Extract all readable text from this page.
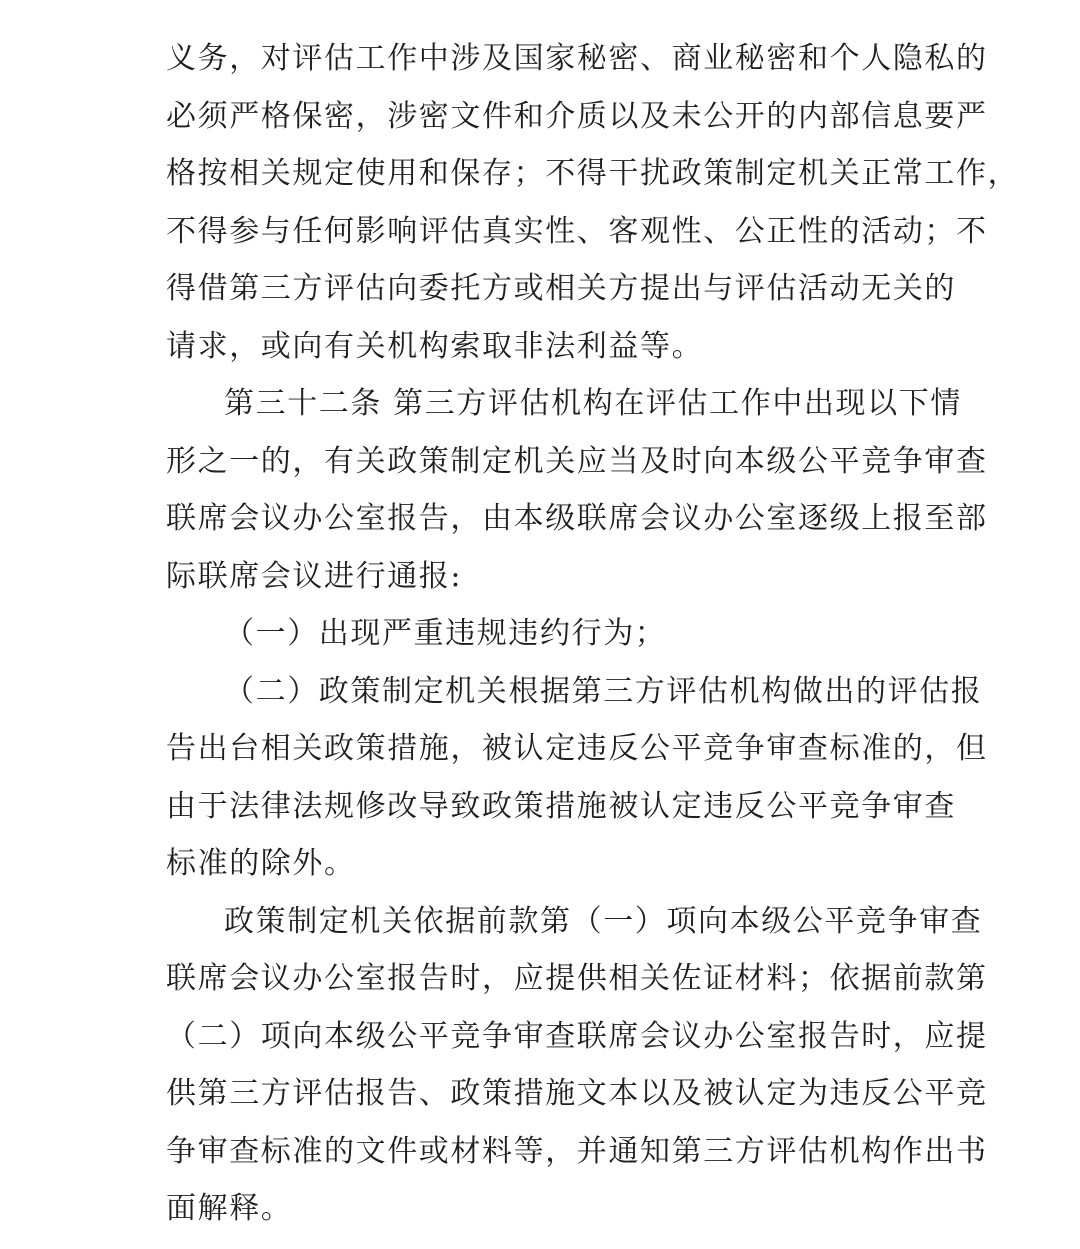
义务，对评估工作中涉及国家秘密、商业秘密和个人隐私的
必须严格保密，涉密文件和介质以及未公开的内部信息要严
格按相关规定使用和保存；不得干扰政策制定机关正常工作，
不得参与任何影响评估真实性、客观性、公正性的活动；不
得借第三方评估向委托方或相关方提出与评估活动无关的
请求，或向有关机构索取非法利益等。
第三十二条 第三方评估机构在评估工作中出现以下情
形之一的，有关政策制定机关应当及时向本级公平竞争审查
联席会议办公室报告，由本级联席会议办公室逐级上报至部
际联席会议进行通报:
（一）出现严重违规违约行为；
（二）政策制定机关根据第三方评估机构做出的评估报
告出台相关政策措施，被认定违反公平竞争审查标准的，但
由于法律法规修改导致政策措施被认定违反公平竞争审查
标准的除外。
政策制定机关依据前款第（一）项向本级公平竞争审查
联席会议办公室报告时，应提供相关佐证材料；依据前款第
（二）项向本级公平竞争审查联席会议办公室报告时，应提
供第三方评估报告、政策措施文本以及被认定为违反公平竞
争审查标准的文件或材料等，并通知第三方评估机构作出书
面解释。
